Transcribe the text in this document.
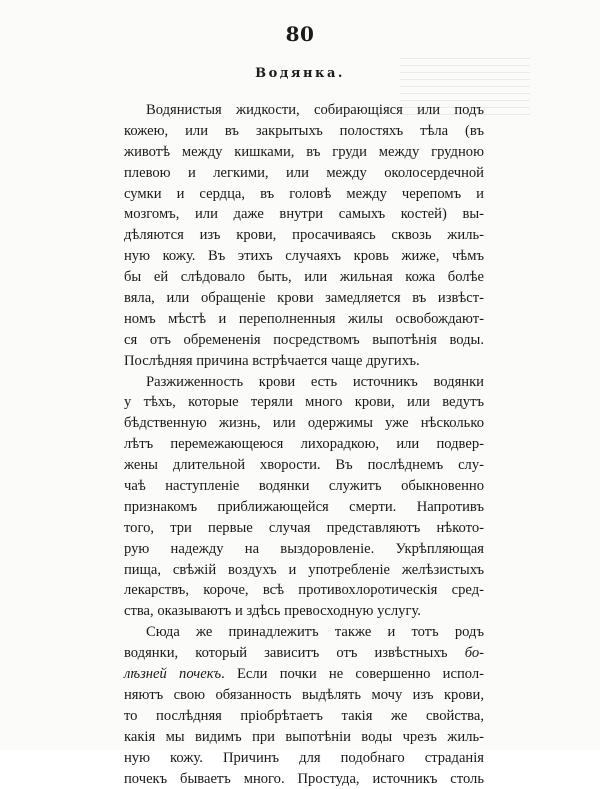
80
Водянка.
Водянистыя жидкости, собирающіяся или подъ
кожею, или въ закрытыхъ полостяхъ тѣла (въ
животѣ между кишками, въ груди между грудною
плевою и легкими, или между околосердечной
сумки и сердца, въ головѣ между черепомъ и
мозгомъ, или даже внутри самыхъ костей) вы-
дѣляются изъ крови, просачиваясь сквозь жиль-
ную кожу. Въ этихъ случаяхъ кровь жиже, чѣмъ
бы ей слѣдовало быть, или жильная кожа болѣе
вяла, или обращеніе крови замедляется въ извѣст-
номъ мѣстѣ и переполненныя жилы освобождают-
ся отъ обремененія посредствомъ выпотѣнія воды.
Послѣдняя причина встрѣчается чаще другихъ.
Разжиженность крови есть источникъ водянки
у тѣхъ, которые теряли много крови, или ведутъ
бѣдственную жизнь, или одержимы уже нѣсколько
лѣтъ перемежающеюся лихорадкою, или подвер-
жены длительной хворости. Въ послѣднемъ слу-
чаѣ наступленіе водянки служитъ обыкновенно
признакомъ приближающейся смерти. Напротивъ
того, три первые случая представляютъ нѣкото-
рую надежду на выздоровленіе. Укрѣпляющая
пища, свѣжій воздухъ и употребленіе желѣзистыхъ
лекарствъ, короче, всѣ противохлоротическія сред-
ства, оказываютъ и здѣсь превосходную услугу.
Сюда же принадлежитъ также и тотъ родъ
водянки, который зависитъ отъ извѣстныхъ бо-
лѣзней почекъ. Если почки не совершенно испол-
няютъ свою обязанность выдѣлять мочу изъ крови,
то послѣдняя пріобрѣтаетъ такія же свойства,
какія мы видимъ при выпотѣніи воды чрезъ жиль-
ную кожу. Причинъ для подобнаго страданія
почекъ бываетъ много. Простуда, источникъ столь
